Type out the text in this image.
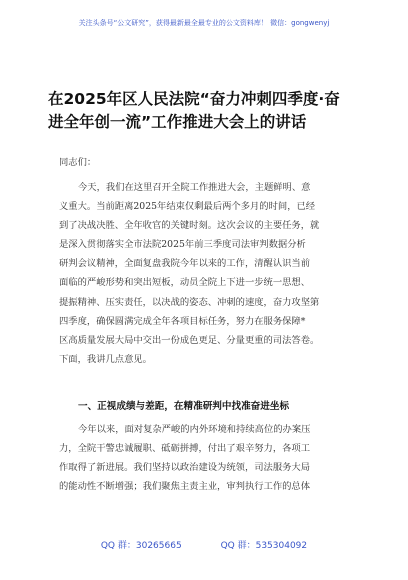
关注头条号“公文研究”，获得最新最全最专业的公文资料库！ 微信：gongwenyj
在2025年区人民法院“奋力冲刺四季度·奋
进全年创一流”工作推进大会上的讲话
同志们：
今天，我们在这里召开全院工作推进大会，主题鲜明、意
义重大。当前距离2025年结束仅剩最后两个多月的时间，已经
到了决战决胜、全年收官的关键时刻。这次会议的主要任务，就
是深入贯彻落实全市法院2025年前三季度司法审判数据分析
研判会议精神，全面复盘我院今年以来的工作，清醒认识当前
面临的严峻形势和突出短板，动员全院上下进一步统一思想、
提振精神、压实责任，以决战的姿态、冲刺的速度，奋力攻坚第
四季度，确保圆满完成全年各项目标任务，努力在服务保障*
区高质量发展大局中交出一份成色更足、分量更重的司法答卷。
下面，我讲几点意见。
一、正视成绩与差距，在精准研判中找准奋进坐标
今年以来，面对复杂严峻的内外环境和持续高位的办案压
力，全院干警忠诚履职、砥砺拼搏，付出了艰辛努力，各项工
作取得了新进展。我们坚持以政治建设为统领，司法服务大局
的能动性不断增强；我们聚焦主责主业，审判执行工作的总体
QQ 群：30265665	QQ 群：535304092
